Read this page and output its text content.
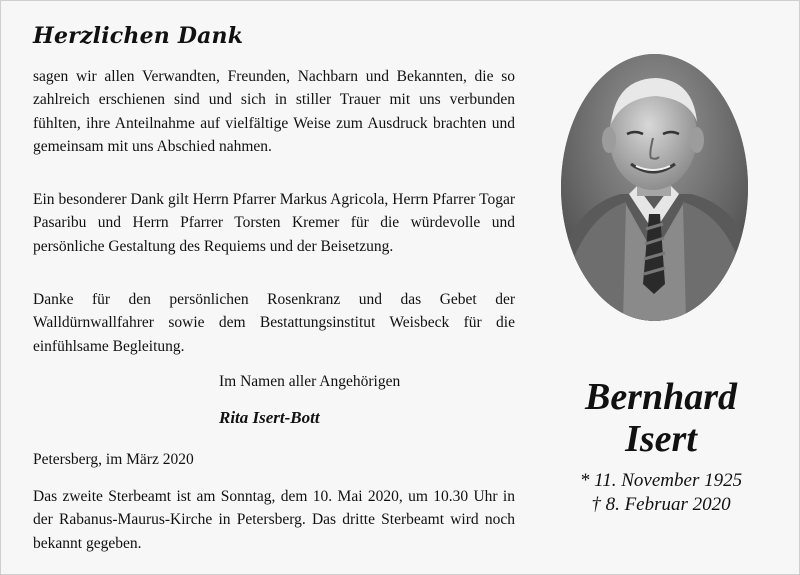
Herzlichen Dank
sagen wir allen Verwandten, Freunden, Nachbarn und Bekannten, die so zahlreich erschienen sind und sich in stiller Trauer mit uns verbunden fühlten, ihre Anteilnahme auf vielfältige Weise zum Ausdruck brachten und gemeinsam mit uns Abschied nahmen.
Ein besonderer Dank gilt Herrn Pfarrer Markus Agricola, Herrn Pfarrer Togar Pasaribu und Herrn Pfarrer Torsten Kremer für die würdevolle und persönliche Gestaltung des Requiems und der Beisetzung.
Danke für den persönlichen Rosenkranz und das Gebet der Walldürnwallfahrer sowie dem Bestattungsinstitut Weisbeck für die einfühlsame Begleitung.
Im Namen aller Angehörigen
Rita Isert-Bott
Petersberg, im März 2020
Das zweite Sterbeamt ist am Sonntag, dem 10. Mai 2020, um 10.30 Uhr in der Rabanus-Maurus-Kirche in Petersberg. Das dritte Sterbeamt wird noch bekannt gegeben.
Bernhard
Isert
* 11. November 1925
† 8. Februar 2020
